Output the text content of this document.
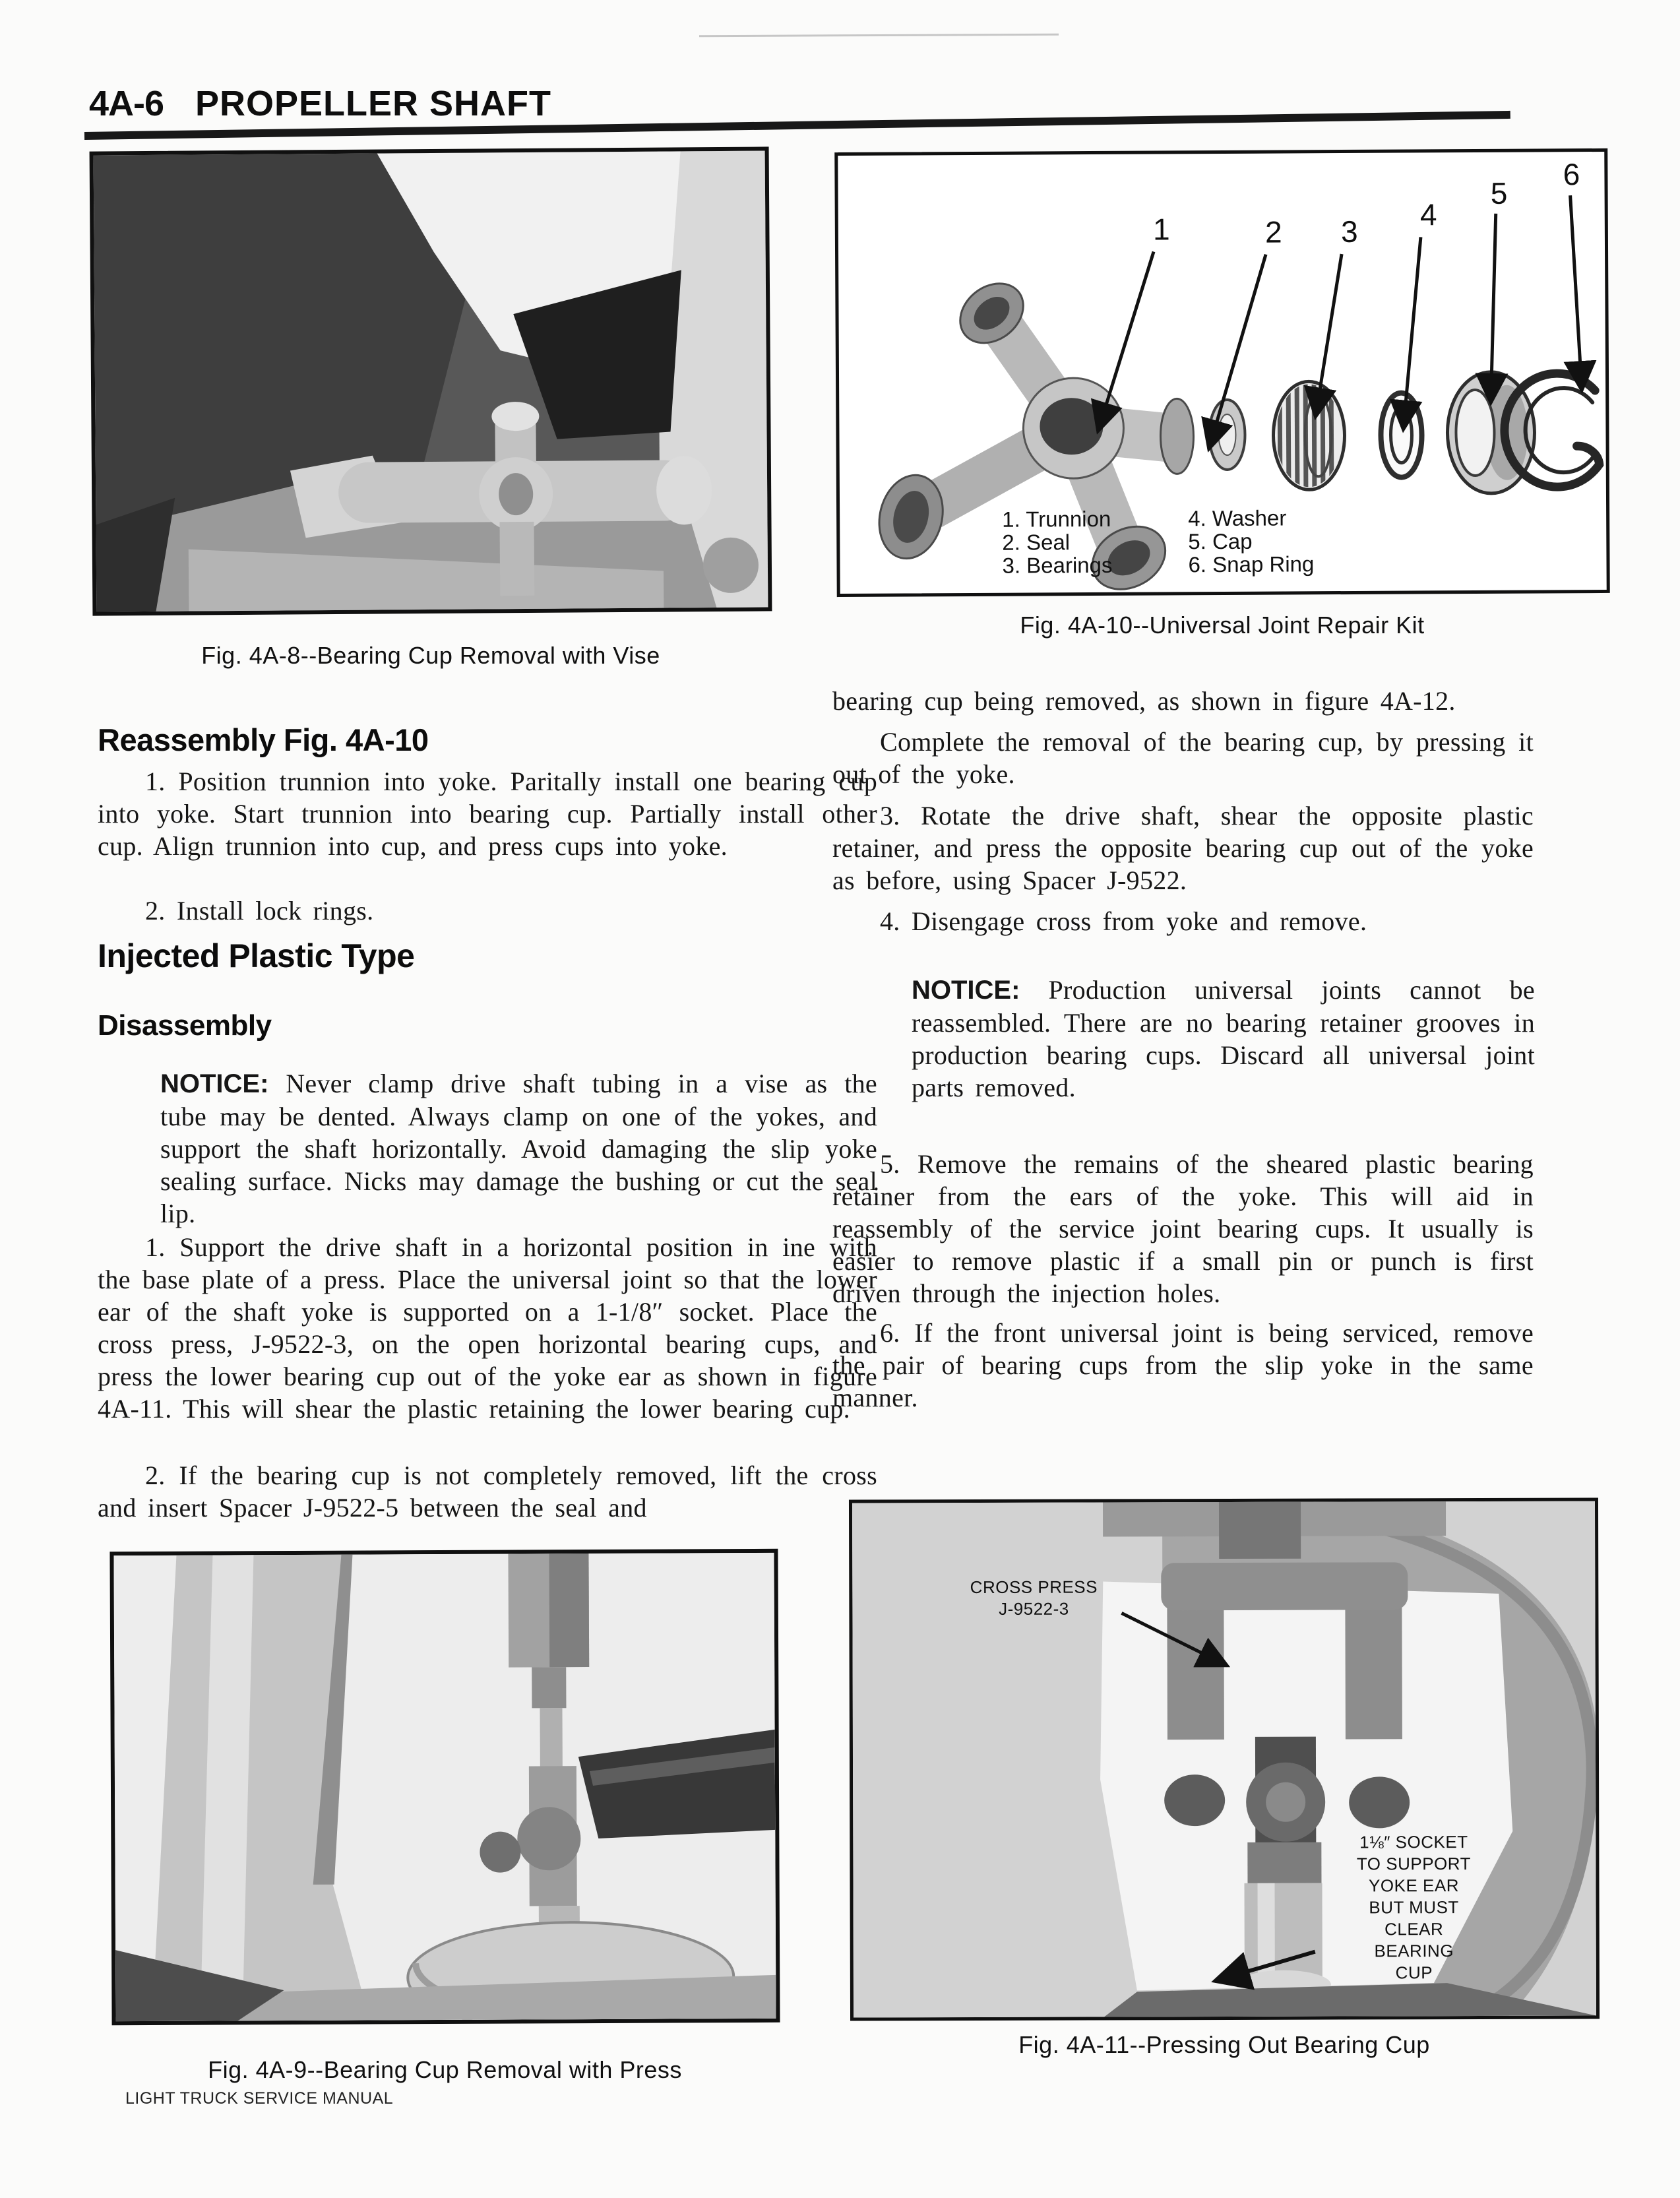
4A-6 PROPELLER SHAFT
Fig. 4A-8--Bearing Cup Removal with Vise
1	2 3 4
5
6
1. Trunnion
2. Seal
3. Bearings
4. Washer
5. Cap
6. Snap Ring
Fig. 4A-10--Universal Joint Repair Kit
Reassembly Fig. 4A-10
1. Position trunnion into yoke. Paritally install one bearing cup into yoke. Start trunnion into bearing cup. Partially install other cup. Align trunnion into cup, and press cups into yoke.
2. Install lock rings.
Injected Plastic Type
Disassembly
NOTICE: Never clamp drive shaft tubing in a vise as the tube may be dented. Always clamp on one of the yokes, and support the shaft horizontally. Avoid damaging the slip yoke sealing surface. Nicks may damage the bushing or cut the seal lip.
1. Support the drive shaft in a horizontal position in ine with the base plate of a press. Place the universal joint so that the lower ear of the shaft yoke is supported on a 1-1/8″ socket. Place the cross press, J-9522-3, on the open horizontal bearing cups, and press the lower bearing cup out of the yoke ear as shown in figure 4A-11. This will shear the plastic retaining the lower bearing cup.
2. If the bearing cup is not completely removed, lift the cross and insert Spacer J-9522-5 between the seal and
bearing cup being removed, as shown in figure 4A-12.
Complete the removal of the bearing cup, by pressing it out of the yoke.
3. Rotate the drive shaft, shear the opposite plastic retainer, and press the opposite bearing cup out of the yoke as before, using Spacer J-9522.
4. Disengage cross from yoke and remove.
NOTICE: Production universal joints cannot be reassembled. There are no bearing retainer grooves in production bearing cups. Discard all universal joint parts removed.
5. Remove the remains of the sheared plastic bearing retainer from the ears of the yoke. This will aid in reassembly of the service joint bearing cups. It usually is easier to remove plastic if a small pin or punch is first driven through the injection holes.
6. If the front universal joint is being serviced, remove the pair of bearing cups from the slip yoke in the same manner.
Fig. 4A-9--Bearing Cup Removal with Press
CROSS PRESS
J-9522-3
1⅛″ SOCKET
TO SUPPORT
YOKE EAR
BUT MUST
CLEAR
BEARING
CUP
Fig. 4A-11--Pressing Out Bearing Cup
LIGHT TRUCK SERVICE MANUAL
